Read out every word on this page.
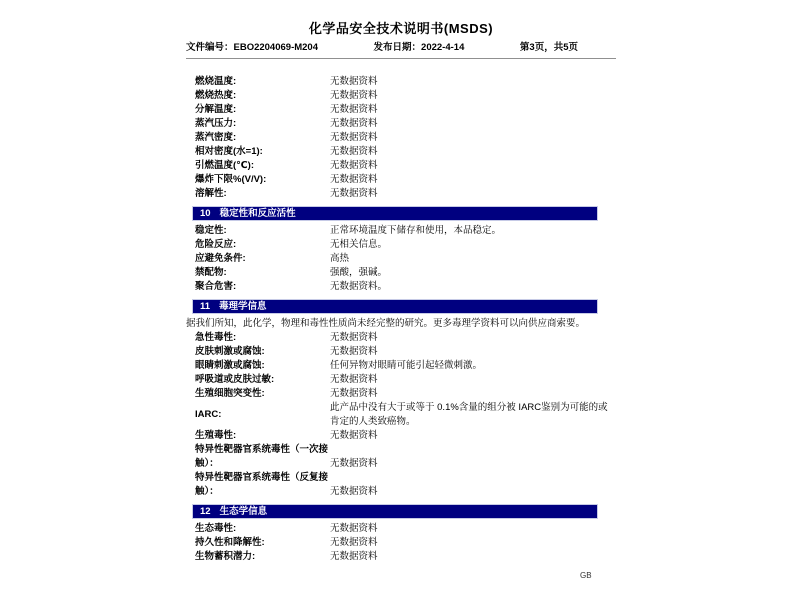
化学品安全技术说明书(MSDS)
文件编号：EBO2204069-M204	发布日期：2022-4-14	第3页，共5页
燃烧温度:	无数据资料
燃烧热度:	无数据资料
分解温度:	无数据资料
蒸汽压力:	无数据资料
蒸汽密度:	无数据资料
相对密度(水=1):	无数据资料
引燃温度(℃):	无数据资料
爆炸下限%(V/V):	无数据资料
溶解性:	无数据资料
10 稳定性和反应活性
稳定性:	正常环境温度下储存和使用，本品稳定。
危险反应:	无相关信息。
应避免条件:	高热
禁配物:	强酸，强碱。
聚合危害:	无数据资料。
11 毒理学信息
据我们所知，此化学，物理和毒性性质尚未经完整的研究。更多毒理学资料可以向供应商索要。
急性毒性:	无数据资料
皮肤刺激或腐蚀:	无数据资料
眼睛刺激或腐蚀:	任何异物对眼睛可能引起轻微刺激。
呼吸道或皮肤过敏:	无数据资料
生殖细胞突变性:	无数据资料
IARC:
此产品中没有大于或等于 0.1%含量的组分被 IARC鉴别为可能的或肯定的人类致癌物。
生殖毒性:	无数据资料
特异性靶器官系统毒性（一次接触）：	无数据资料
特异性靶器官系统毒性（反复接触）：	无数据资料
12 生态学信息
生态毒性:	无数据资料
持久性和降解性:	无数据资料
生物蓄积潜力:	无数据资料
GB
